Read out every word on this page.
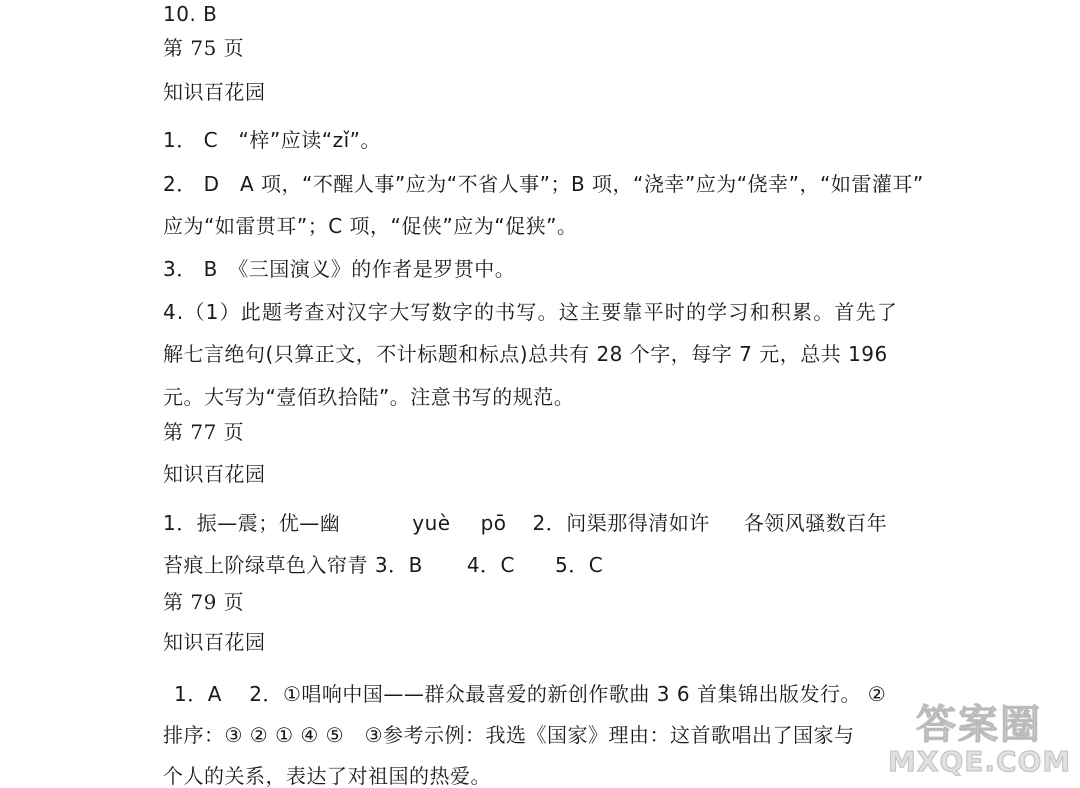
10. B
第 75 页
知识百花园
1． C　“梓”应读“zǐ”。
2． D　A 项，“不醒人事”应为“不省人事”；B 项，“浇幸”应为“侥幸”，“如雷灌耳”
应为“如雷贯耳”；C 项，“促侠”应为“促狭”。
3． B　《三国演义》的作者是罗贯中。
4.（1）此题考查对汉字大写数字的书写。这主要靠平时的学习和积累。首先了
解七言绝句(只算正文，不计标题和标点)总共有 28 个字，每字 7 元，总共 196
元。大写为“壹佰玖拾陆”。注意书写的规范。
第 77 页
知识百花园
1．振—震；优—幽	yuè pō 2．问渠那得清如许 各领风骚数百年
苔痕上阶绿草色入帘青 3．B 4．C 5．C
第 79 页
知识百花园
1．A　 2．①唱响中国——群众最喜爱的新创作歌曲 3 6 首集锦出版发行。 ②
排序：③ ② ① ④ ⑤　③参考示例：我选《国家》理由：这首歌唱出了国家与
个人的关系，表达了对祖国的热爱。
答案圈
MXQE.COM
